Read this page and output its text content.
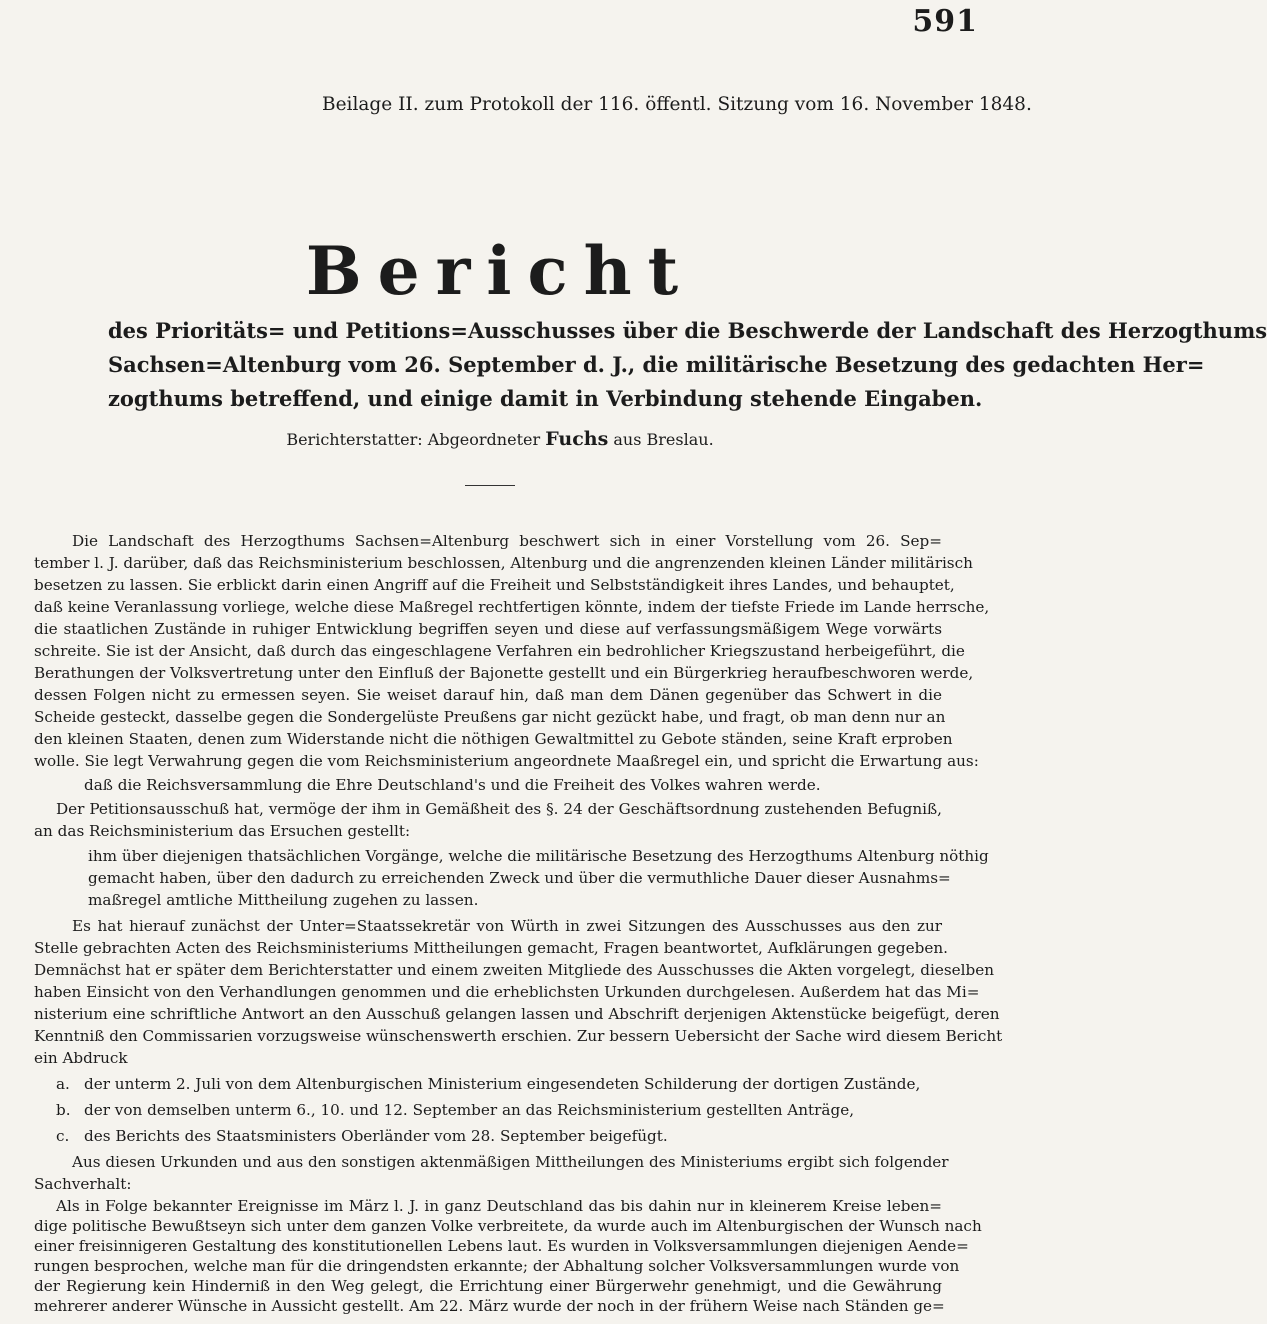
591
Beilage II. zum Protokoll der 116. öffentl. Sitzung vom 16. November 1848.
Bericht
des Prioritäts= und Petitions=Ausschusses über die Beschwerde der Landschaft des Herzogthums
Sachsen=Altenburg vom 26. September d. J., die militärische Besetzung des gedachten Her=
zogthums betreffend, und einige damit in Verbindung stehende Eingaben.
Berichterstatter: Abgeordneter Fuchs aus Breslau.
Die Landschaft des Herzogthums Sachsen=Altenburg beschwert sich in einer Vorstellung vom 26. Sep=
tember l. J. darüber, daß das Reichsministerium beschlossen, Altenburg und die angrenzenden kleinen Länder militärisch
besetzen zu lassen. Sie erblickt darin einen Angriff auf die Freiheit und Selbstständigkeit ihres Landes, und behauptet,
daß keine Veranlassung vorliege, welche diese Maßregel rechtfertigen könnte, indem der tiefste Friede im Lande herrsche,
die staatlichen Zustände in ruhiger Entwicklung begriffen seyen und diese auf verfassungsmäßigem Wege vorwärts
schreite. Sie ist der Ansicht, daß durch das eingeschlagene Verfahren ein bedrohlicher Kriegszustand herbeigeführt, die
Berathungen der Volksvertretung unter den Einfluß der Bajonette gestellt und ein Bürgerkrieg heraufbeschworen werde,
dessen Folgen nicht zu ermessen seyen. Sie weiset darauf hin, daß man dem Dänen gegenüber das Schwert in die
Scheide gesteckt, dasselbe gegen die Sondergelüste Preußens gar nicht gezückt habe, und fragt, ob man denn nur an
den kleinen Staaten, denen zum Widerstande nicht die nöthigen Gewaltmittel zu Gebote ständen, seine Kraft erproben
wolle. Sie legt Verwahrung gegen die vom Reichsministerium angeordnete Maaßregel ein, und spricht die Erwartung aus:
daß die Reichsversammlung die Ehre Deutschland's und die Freiheit des Volkes wahren werde.
Der Petitionsausschuß hat, vermöge der ihm in Gemäßheit des §. 24 der Geschäftsordnung zustehenden Befugniß,
an das Reichsministerium das Ersuchen gestellt:
ihm über diejenigen thatsächlichen Vorgänge, welche die militärische Besetzung des Herzogthums Altenburg nöthig
gemacht haben, über den dadurch zu erreichenden Zweck und über die vermuthliche Dauer dieser Ausnahms=
maßregel amtliche Mittheilung zugehen zu lassen.
Es hat hierauf zunächst der Unter=Staatssekretär von Würth in zwei Sitzungen des Ausschusses aus den zur
Stelle gebrachten Acten des Reichsministeriums Mittheilungen gemacht, Fragen beantwortet, Aufklärungen gegeben.
Demnächst hat er später dem Berichterstatter und einem zweiten Mitgliede des Ausschusses die Akten vorgelegt, dieselben
haben Einsicht von den Verhandlungen genommen und die erheblichsten Urkunden durchgelesen. Außerdem hat das Mi=
nisterium eine schriftliche Antwort an den Ausschuß gelangen lassen und Abschrift derjenigen Aktenstücke beigefügt, deren
Kenntniß den Commissarien vorzugsweise wünschenswerth erschien. Zur bessern Uebersicht der Sache wird diesem Bericht
ein Abdruck
a. der unterm 2. Juli von dem Altenburgischen Ministerium eingesendeten Schilderung der dortigen Zustände,
b. der von demselben unterm 6., 10. und 12. September an das Reichsministerium gestellten Anträge,
c. des Berichts des Staatsministers Oberländer vom 28. September beigefügt.
Aus diesen Urkunden und aus den sonstigen aktenmäßigen Mittheilungen des Ministeriums ergibt sich folgender
Sachverhalt:
Als in Folge bekannter Ereignisse im März l. J. in ganz Deutschland das bis dahin nur in kleinerem Kreise leben=
dige politische Bewußtseyn sich unter dem ganzen Volke verbreitete, da wurde auch im Altenburgischen der Wunsch nach
einer freisinnigeren Gestaltung des konstitutionellen Lebens laut. Es wurden in Volksversammlungen diejenigen Aende=
rungen besprochen, welche man für die dringendsten erkannte; der Abhaltung solcher Volksversammlungen wurde von
der Regierung kein Hinderniß in den Weg gelegt, die Errichtung einer Bürgerwehr genehmigt, und die Gewährung
mehrerer anderer Wünsche in Aussicht gestellt. Am 22. März wurde der noch in der frühern Weise nach Ständen ge=
